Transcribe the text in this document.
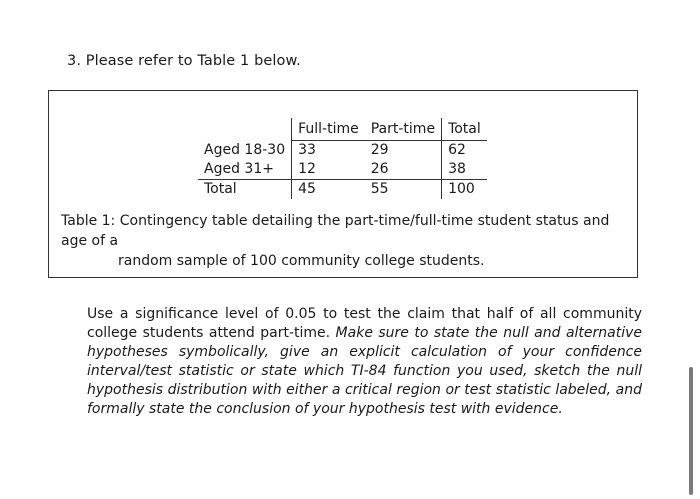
3. Please refer to Table 1 below.
	Full-time	Part-time	Total
Aged 18-30	33	29	62
Aged 31+	12	26	38
Total	45	55	100
Table 1: Contingency table detailing the part-time/full-time student status and age of a
random sample of 100 community college students.
Use a significance level of 0.05 to test the claim that half of all community college students attend part-time. Make sure to state the null and alternative hypotheses symbolically, give an explicit calculation of your confidence interval/test statistic or state which TI-84 function you used, sketch the null hypothesis distribution with either a critical region or test statistic labeled, and formally state the conclusion of your hypothesis test with evidence.
